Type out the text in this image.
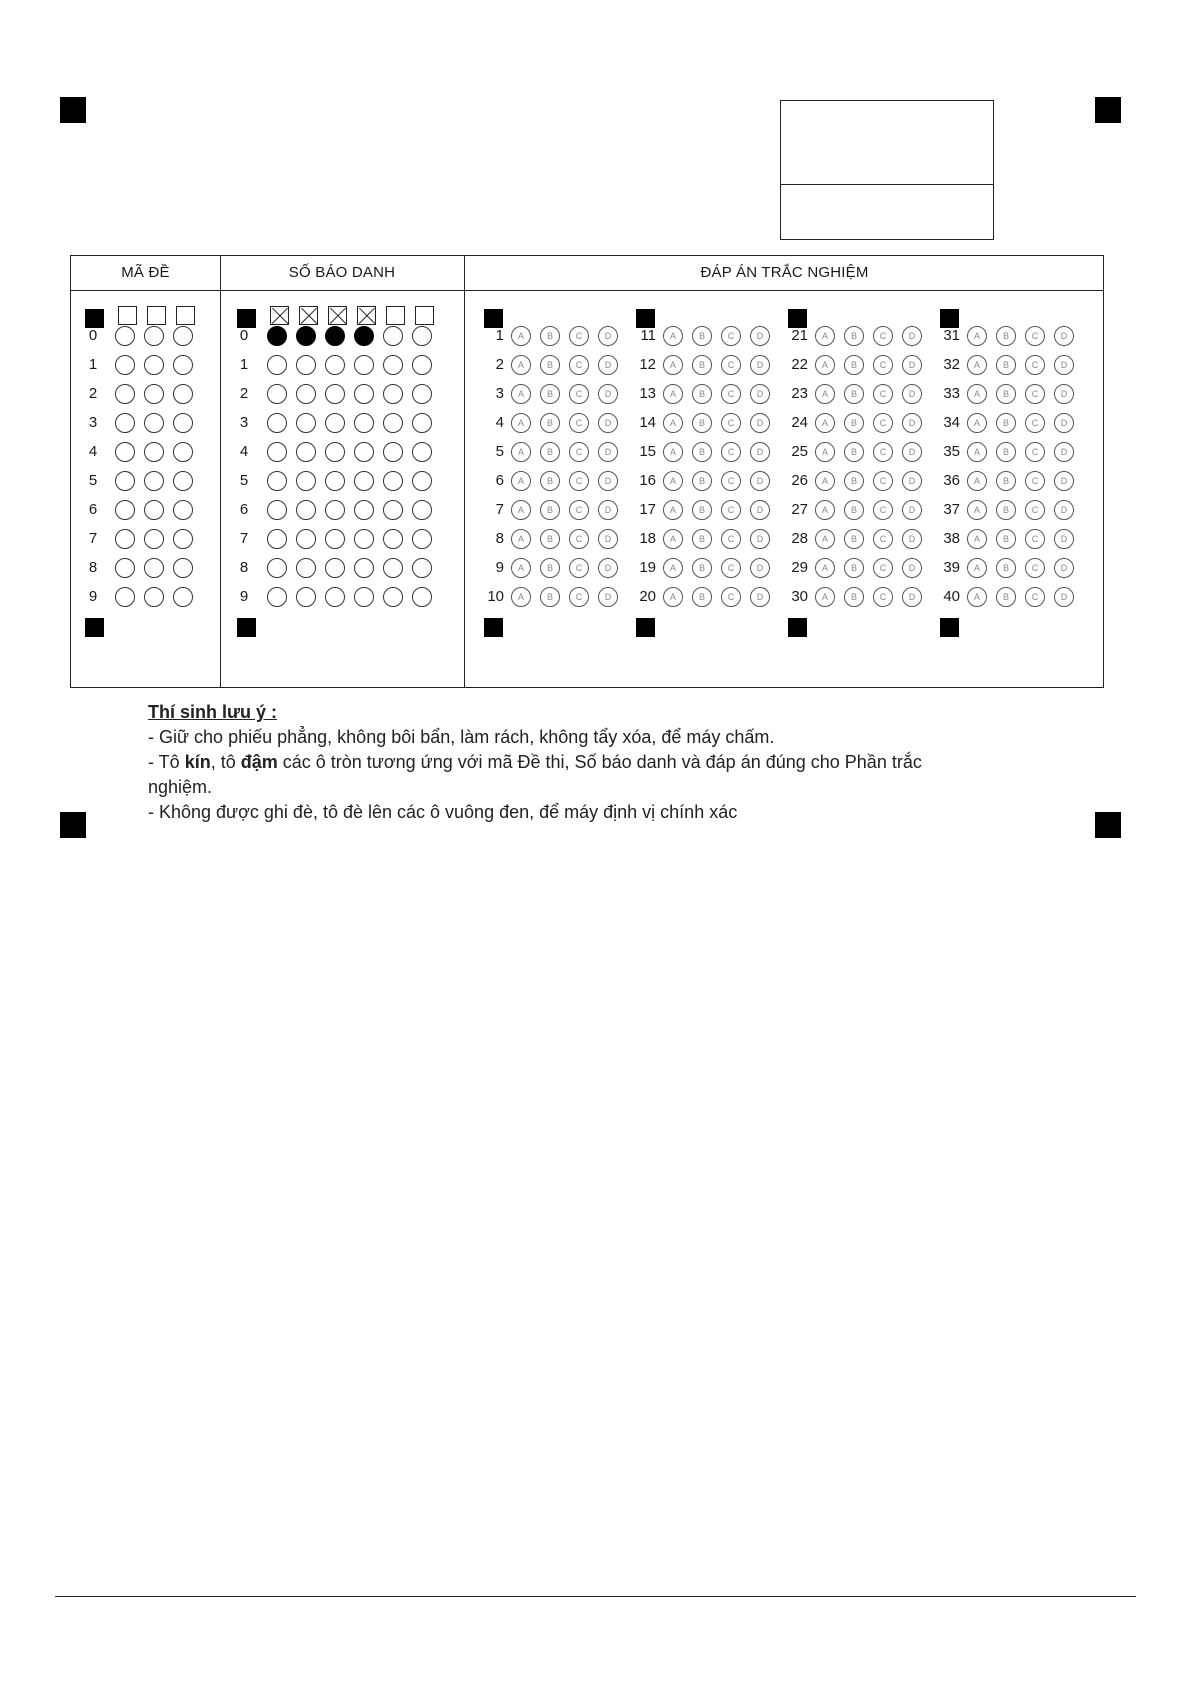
MÃ ĐỀ	SỐ BÁO DANH	ĐÁP ÁN TRẮC NGHIỆM
0
1
2
3
4
5
6
7
8
9
0
1
2
3
4
5
6
7
8
9
1	A	B	C	D
2	A	B	C	D
3	A	B	C	D
4	A	B	C	D
5	A	B	C	D
6	A	B	C	D
7	A	B	C	D
8	A	B	C	D
9	A	B	C	D
10	A	B	C	D
11	A	B	C	D
12	A	B	C	D
13	A	B	C	D
14	A	B	C	D
15	A	B	C	D
16	A	B	C	D
17	A	B	C	D
18	A	B	C	D
19	A	B	C	D
20	A	B	C	D
21	A	B	C	D
22	A	B	C	D
23	A	B	C	D
24	A	B	C	D
25	A	B	C	D
26	A	B	C	D
27	A	B	C	D
28	A	B	C	D
29	A	B	C	D
30	A	B	C	D
31	A	B	C	D
32	A	B	C	D
33	A	B	C	D
34	A	B	C	D
35	A	B	C	D
36	A	B	C	D
37	A	B	C	D
38	A	B	C	D
39	A	B	C	D
40	A	B	C	D

Thí sinh lưu ý :

- Giữ cho phiếu phẳng, không bôi bẩn, làm rách, không tẩy xóa, để máy chấm.

- Tô kín, tô đậm các ô tròn tương ứng với mã Đề thi, Số báo danh và đáp án đúng cho Phần trắc nghiệm.

- Không được ghi đè, tô đè lên các ô vuông đen, để máy định vị chính xác
